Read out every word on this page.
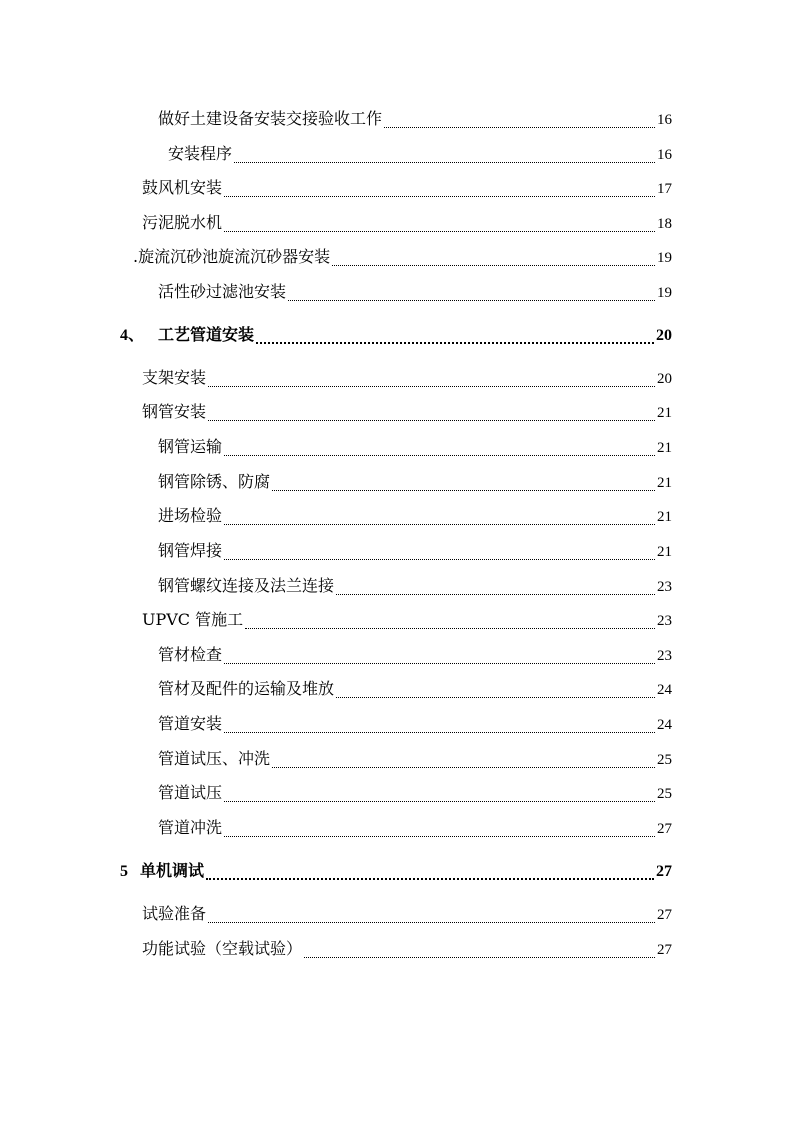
做好土建设备安装交接验收工作	16
安装程序	16
鼓风机安装	17
污泥脱水机	18
.旋流沉砂池旋流沉砂器安装	19
活性砂过滤池安装	19
4、 工艺管道安装	20
支架安装	20
钢管安装	21
钢管运输	21
钢管除锈、防腐	21
进场检验	21
钢管焊接	21
钢管螺纹连接及法兰连接	23
UPVC 管施工	23
管材检查	23
管材及配件的运输及堆放	24
管道安装	24
管道试压、冲洗	25
管道试压	25
管道冲洗	27
5 单机调试	27
试验准备	27
功能试验（空载试验）	27
